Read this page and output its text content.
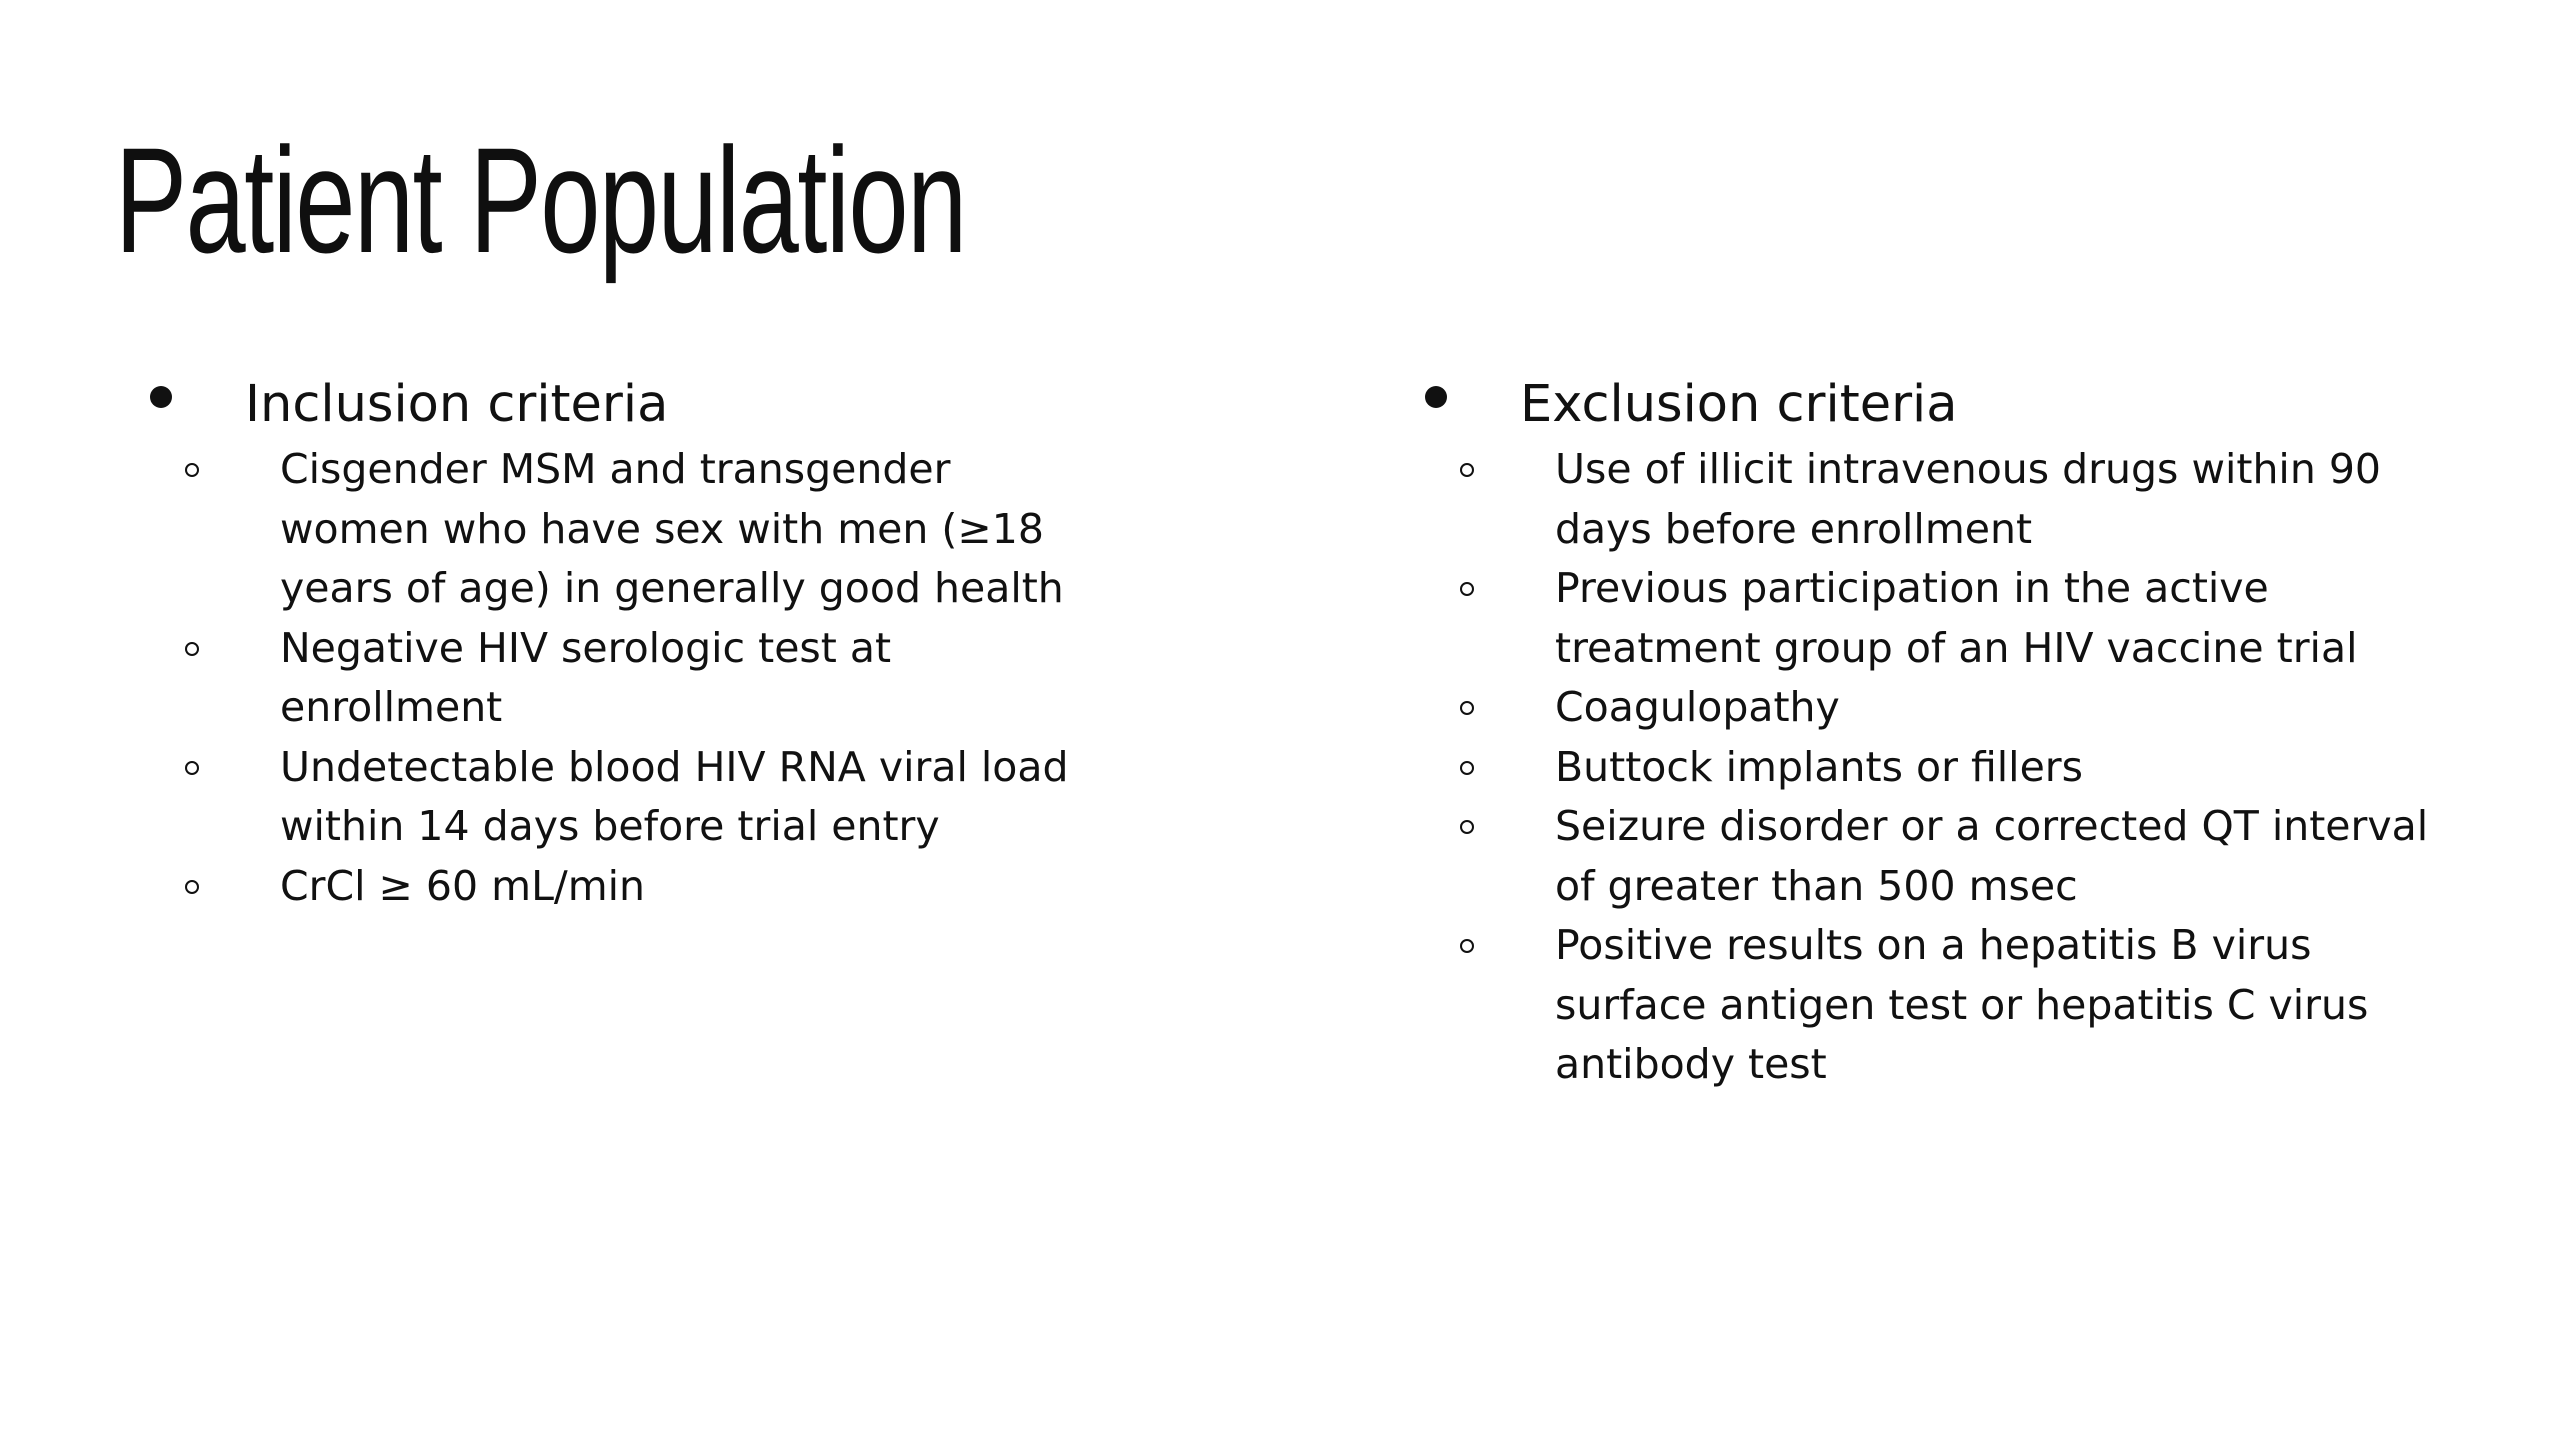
Patient Population
Inclusion criteria
Cisgender MSM and transgender women who have sex with men (≥18 years of age) in generally good health
Negative HIV serologic test at enrollment
Undetectable blood HIV RNA viral load within 14 days before trial entry
CrCl ≥ 60 mL/min
Exclusion criteria
Use of illicit intravenous drugs within 90 days before enrollment
Previous participation in the active treatment group of an HIV vaccine trial
Coagulopathy
Buttock implants or fillers
Seizure disorder or a corrected QT interval of greater than 500 msec
Positive results on a hepatitis B virus surface antigen test or hepatitis C virus antibody test
